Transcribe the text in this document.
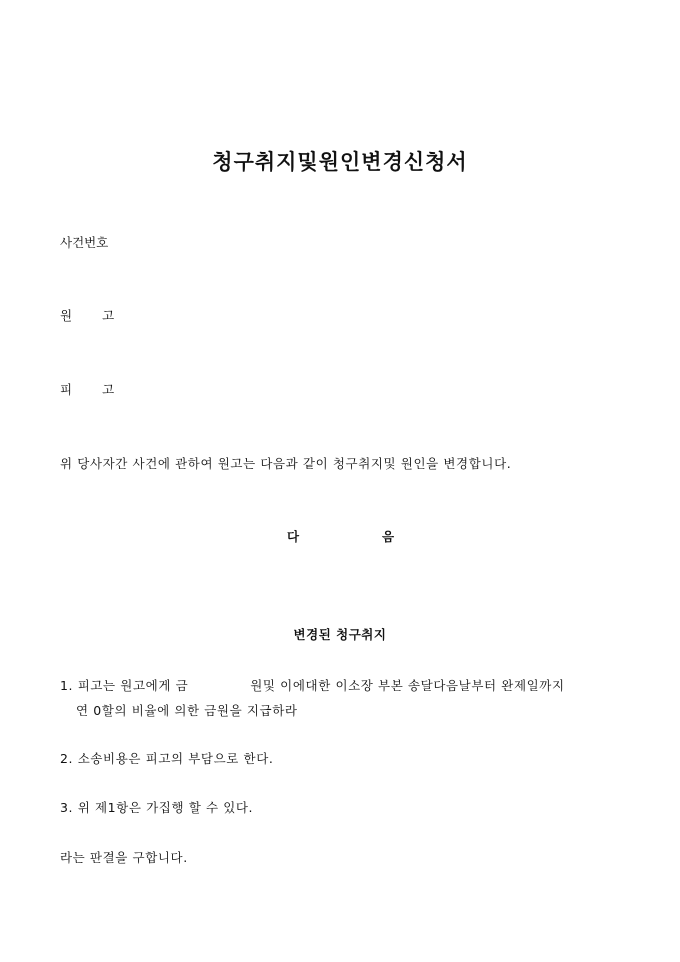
청구취지및원인변경신청서
사건번호
원 고
피 고
위 당사자간 사건에 관하여 원고는 다음과 같이 청구취지및 원인을 변경합니다.
다	음
변경된 청구취지
1. 피고는 원고에게 금	원및 이에대한 이소장 부본 송달다음날부터 완제일까지
연 0할의 비율에 의한 금원을 지급하라
2. 소송비용은 피고의 부담으로 한다.
3. 위 제1항은 가집행 할 수 있다.
라는 판결을 구합니다.
